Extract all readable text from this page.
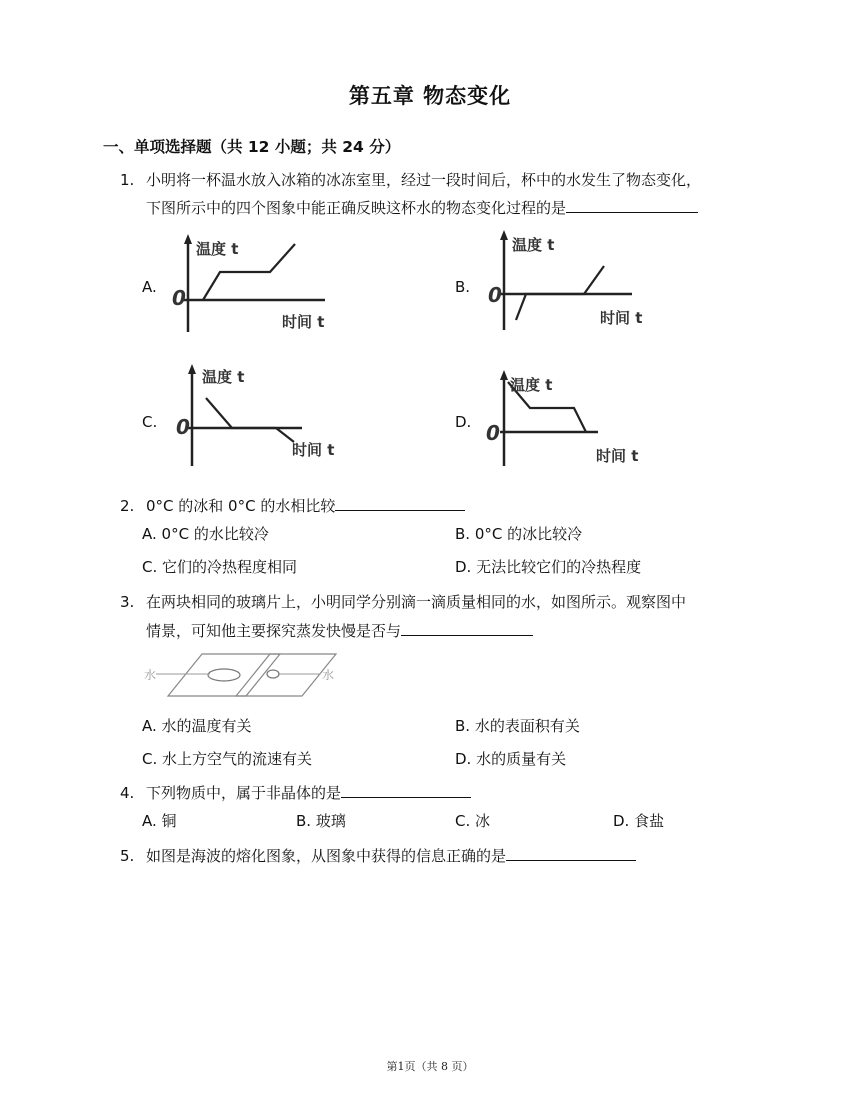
第五章 物态变化
一、单项选择题（共 12 小题；共 24 分）
1. 小明将一杯温水放入冰箱的冰冻室里，经过一段时间后，杯中的水发生了物态变化，
下图所示中的四个图象中能正确反映这杯水的物态变化过程的是
A.	B.
C.	D.
温度 t
时间 t
0
温度 t
时间 t
0
温度 t
时间 t
0
温度 t
时间 t
0
2. 0°C 的冰和 0°C 的水相比较
A. 0°C 的水比较冷	B. 0°C 的冰比较冷
C. 它们的冷热程度相同	D. 无法比较它们的冷热程度
3. 在两块相同的玻璃片上，小明同学分别滴一滴质量相同的水，如图所示。观察图中
情景，可知他主要探究蒸发快慢是否与
水	水
A. 水的温度有关	B. 水的表面积有关
C. 水上方空气的流速有关	D. 水的质量有关
4. 下列物质中，属于非晶体的是
A. 铜	B. 玻璃	C. 冰	D. 食盐
5. 如图是海波的熔化图象，从图象中获得的信息正确的是
第1页（共 8 页）
